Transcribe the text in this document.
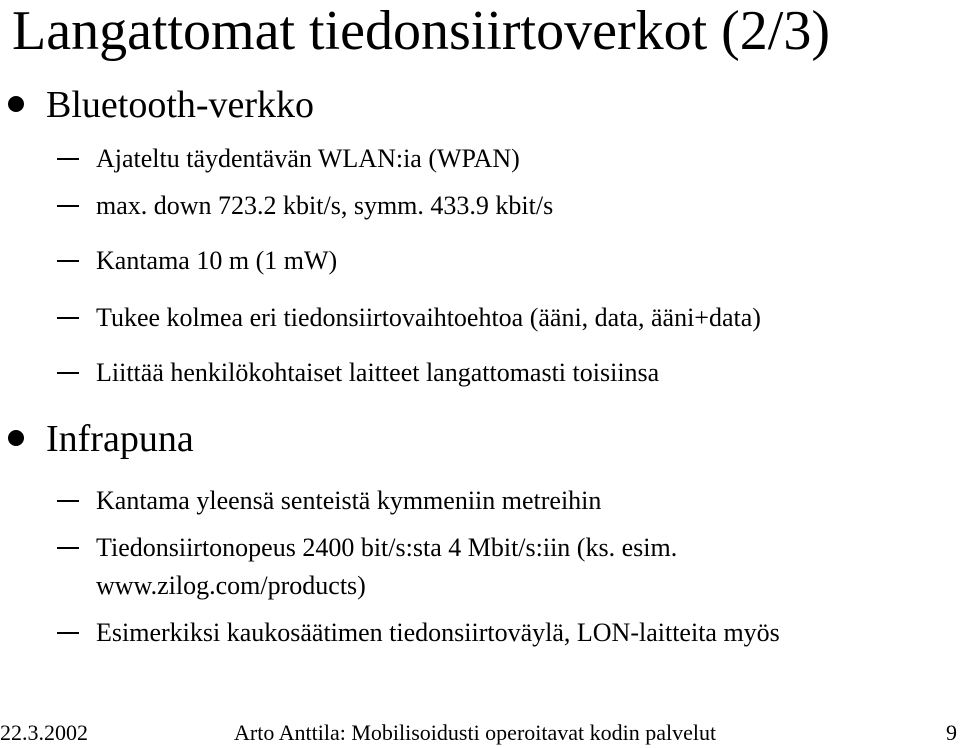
Langattomat tiedonsiirtoverkot (2/3)
Bluetooth-verkko
Ajateltu täydentävän WLAN:ia (WPAN)
max. down 723.2 kbit/s, symm. 433.9 kbit/s
Kantama 10 m (1 mW)
Tukee kolmea eri tiedonsiirtovaihtoehtoa (ääni, data, ääni+data)
Liittää henkilökohtaiset laitteet langattomasti toisiinsa
Infrapuna
Kantama yleensä senteistä kymmeniin metreihin
Tiedonsiirtonopeus 2400 bit/s:sta 4 Mbit/s:iin (ks. esim.
www.zilog.com/products)
Esimerkiksi kaukosäätimen tiedonsiirtoväylä, LON-laitteita myös
22.3.2002	Arto Anttila: Mobilisoidusti operoitavat kodin palvelut	9
